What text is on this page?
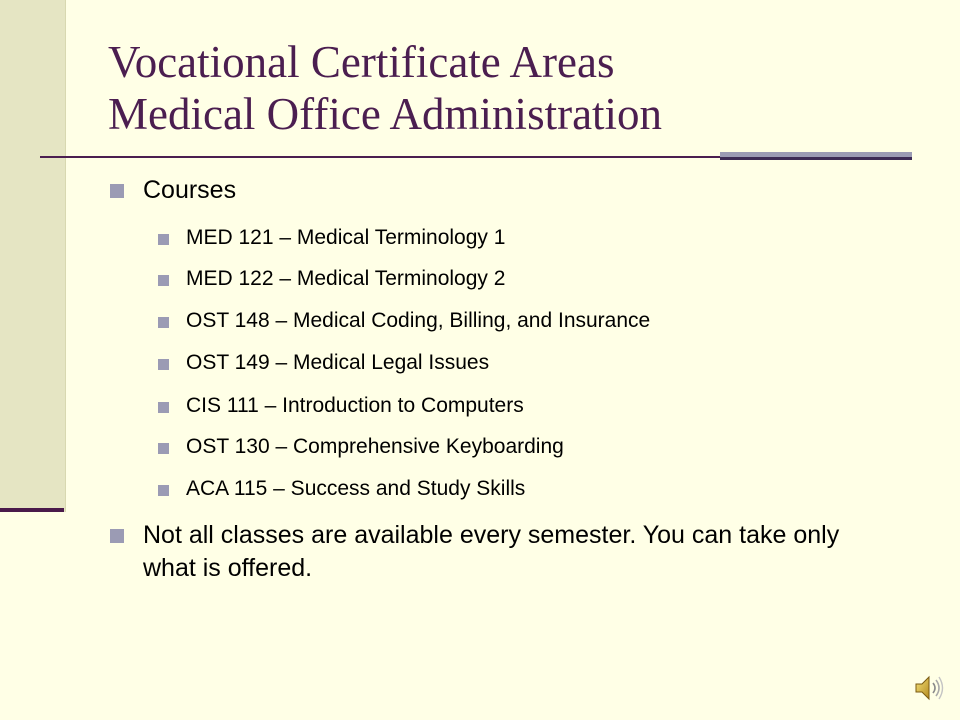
Vocational Certificate Areas
Medical Office Administration
Courses
MED 121 – Medical Terminology 1
MED 122 – Medical Terminology 2
OST 148 – Medical Coding, Billing, and Insurance
OST 149 – Medical Legal Issues
CIS 111 – Introduction to Computers
OST 130 – Comprehensive Keyboarding
ACA 115 – Success and Study Skills
Not all classes are available every semester. You can take only what is offered.
